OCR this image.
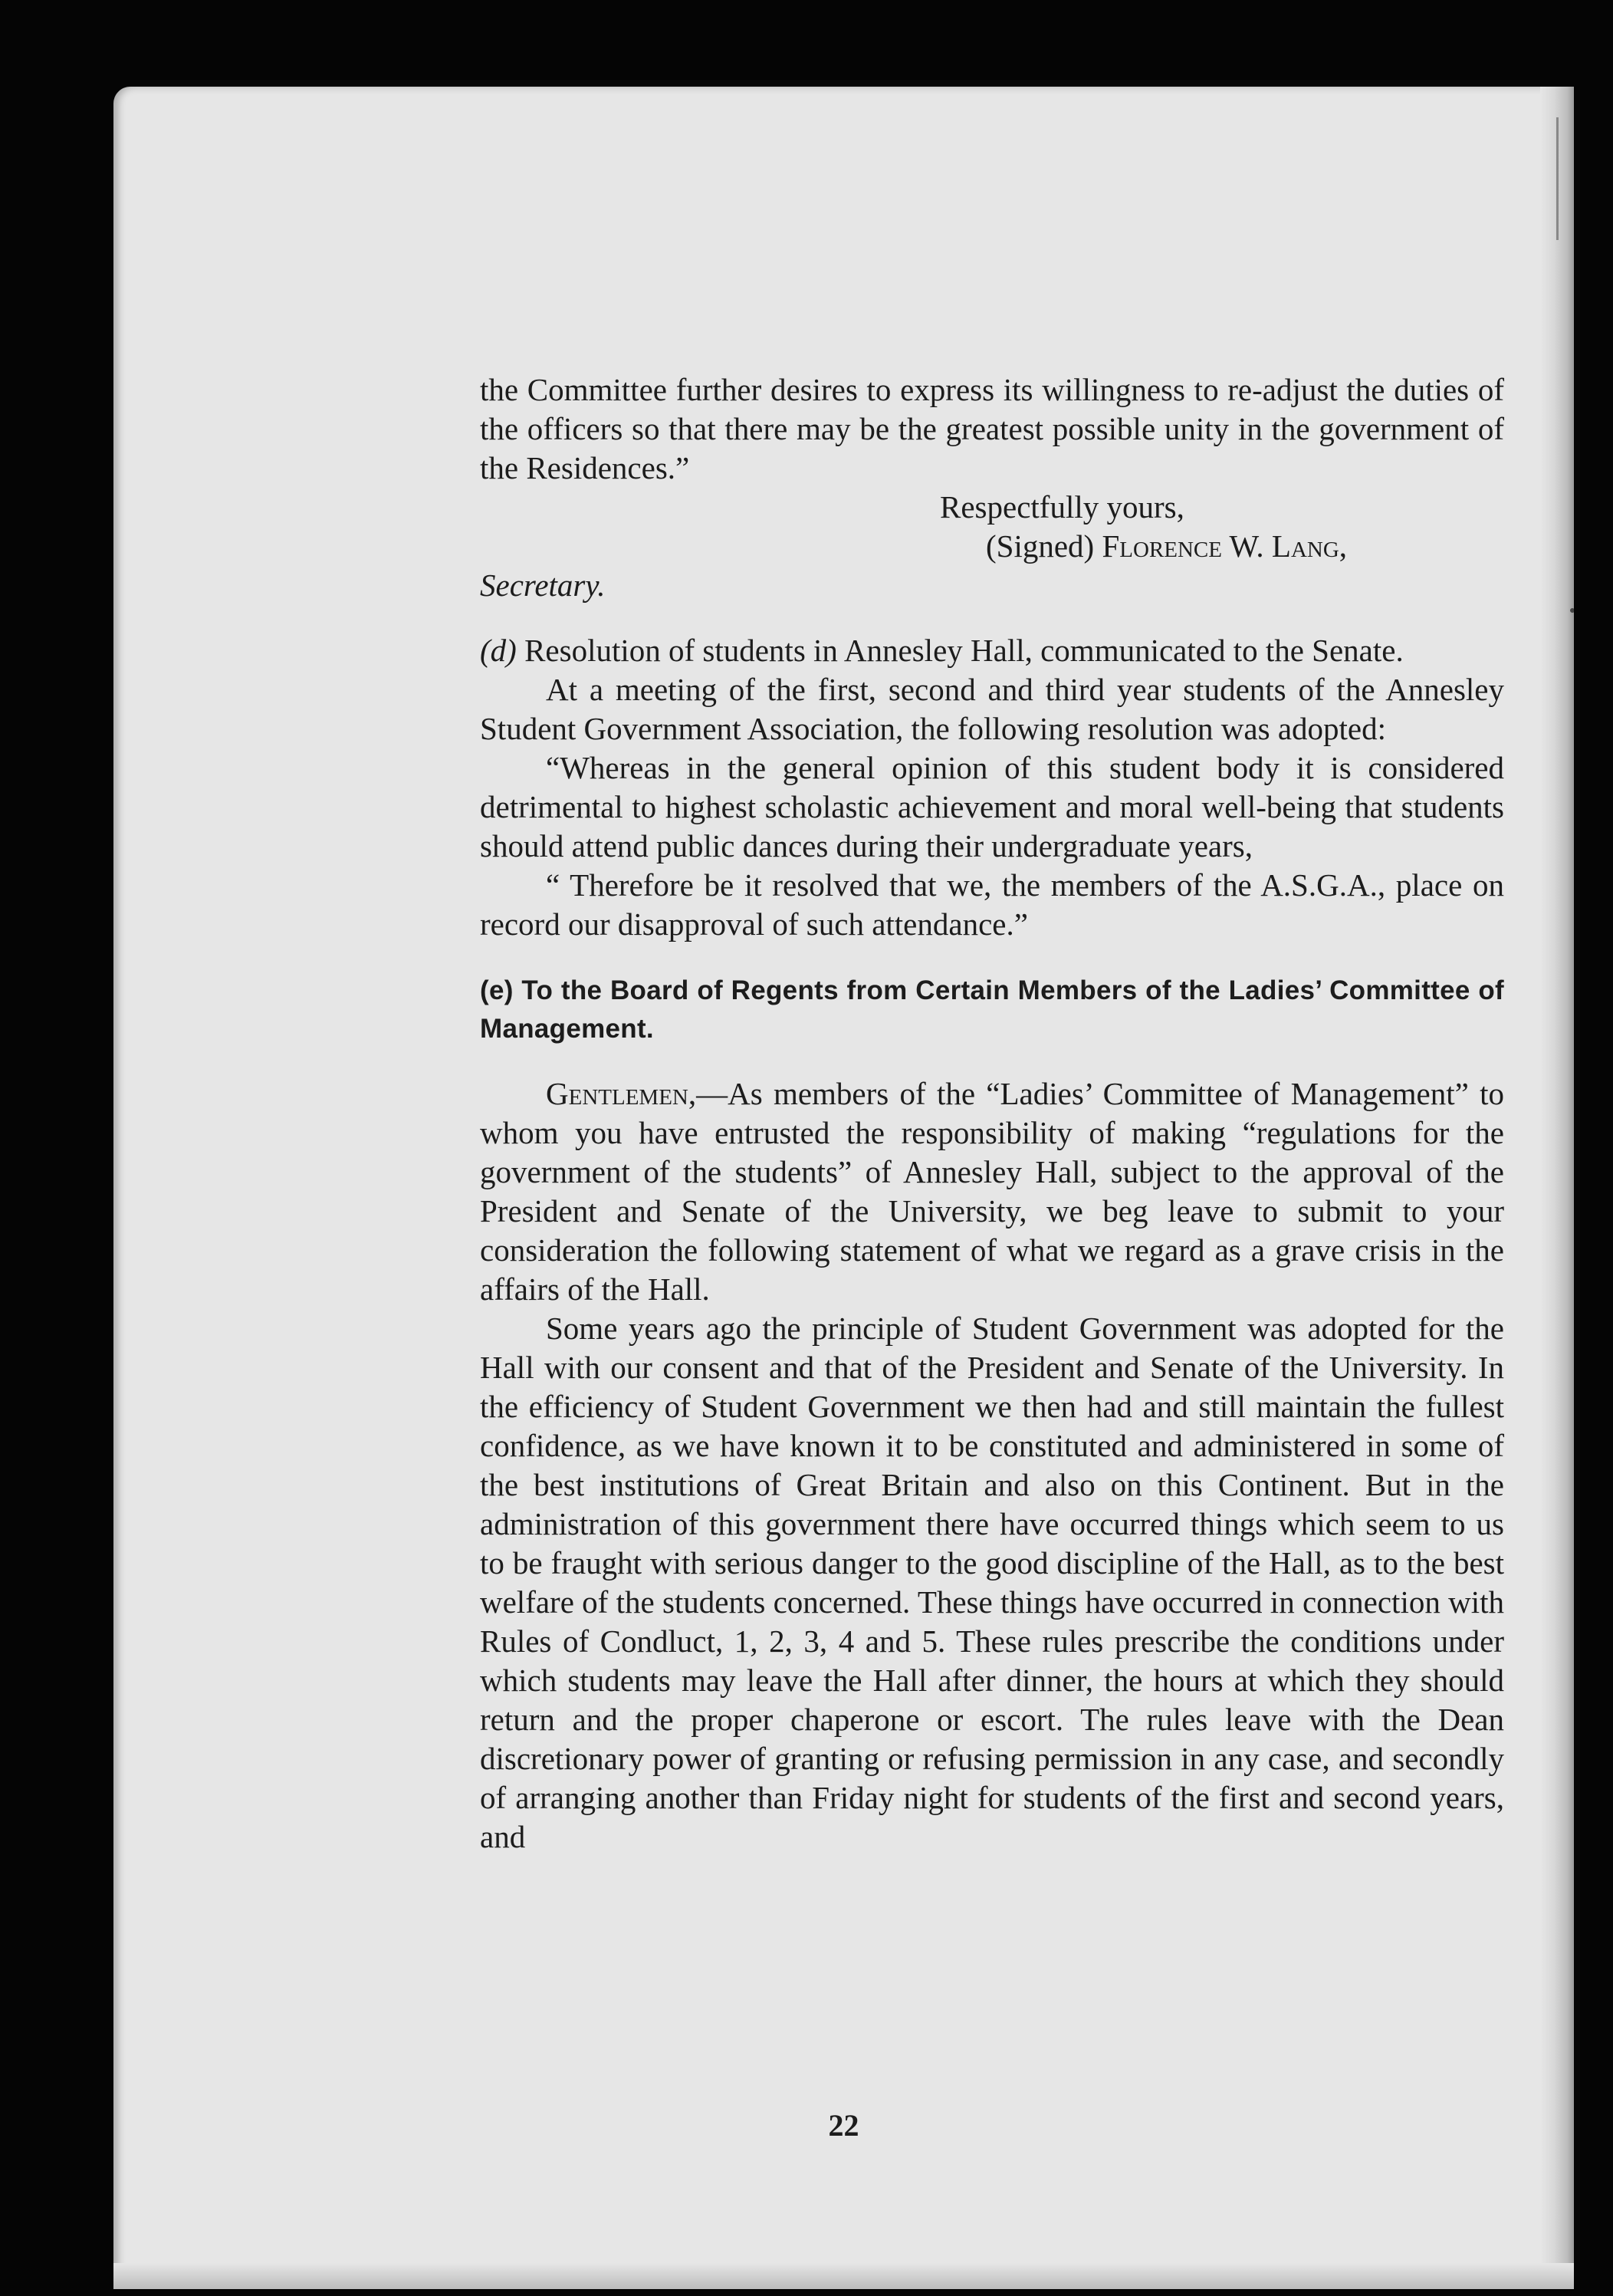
the Committee further desires to express its willingness to re-adjust the duties of the officers so that there may be the greatest possible unity in the government of the Residences.”

Respectfully yours,

(Signed) Florence W. Lang,

Secretary.

(d) Resolution of students in Annesley Hall, communicated to the Senate.

At a meeting of the first, second and third year students of the Annesley Student Government Association, the following resolution was adopted:

“Whereas in the general opinion of this student body it is considered detrimental to highest scholastic achievement and moral well-being that students should attend public dances during their undergraduate years,

“ Therefore be it resolved that we, the members of the A.S.G.A., place on record our disapproval of such attendance.”

(e) To the Board of Regents from Certain Members of the Ladies’ Committee of Management.

Gentlemen,—As members of the “Ladies’ Committee of Management” to whom you have entrusted the responsibility of making “regulations for the government of the students” of Annesley Hall, subject to the approval of the President and Senate of the University, we beg leave to submit to your consideration the following statement of what we regard as a grave crisis in the affairs of the Hall.

Some years ago the principle of Student Government was adopted for the Hall with our consent and that of the President and Senate of the University. In the efficiency of Student Government we then had and still maintain the fullest confidence, as we have known it to be constituted and administered in some of the best institutions of Great Britain and also on this Continent. But in the administration of this government there have occurred things which seem to us to be fraught with serious danger to the good discipline of the Hall, as to the best welfare of the students concerned. These things have occurred in connection with Rules of Condluct, 1, 2, 3, 4 and 5. These rules prescribe the conditions under which students may leave the Hall after dinner, the hours at which they should return and the proper chaperone or escort. The rules leave with the Dean discretionary power of granting or refusing permission in any case, and secondly of arranging another than Friday night for students of the first and second years, and

22
